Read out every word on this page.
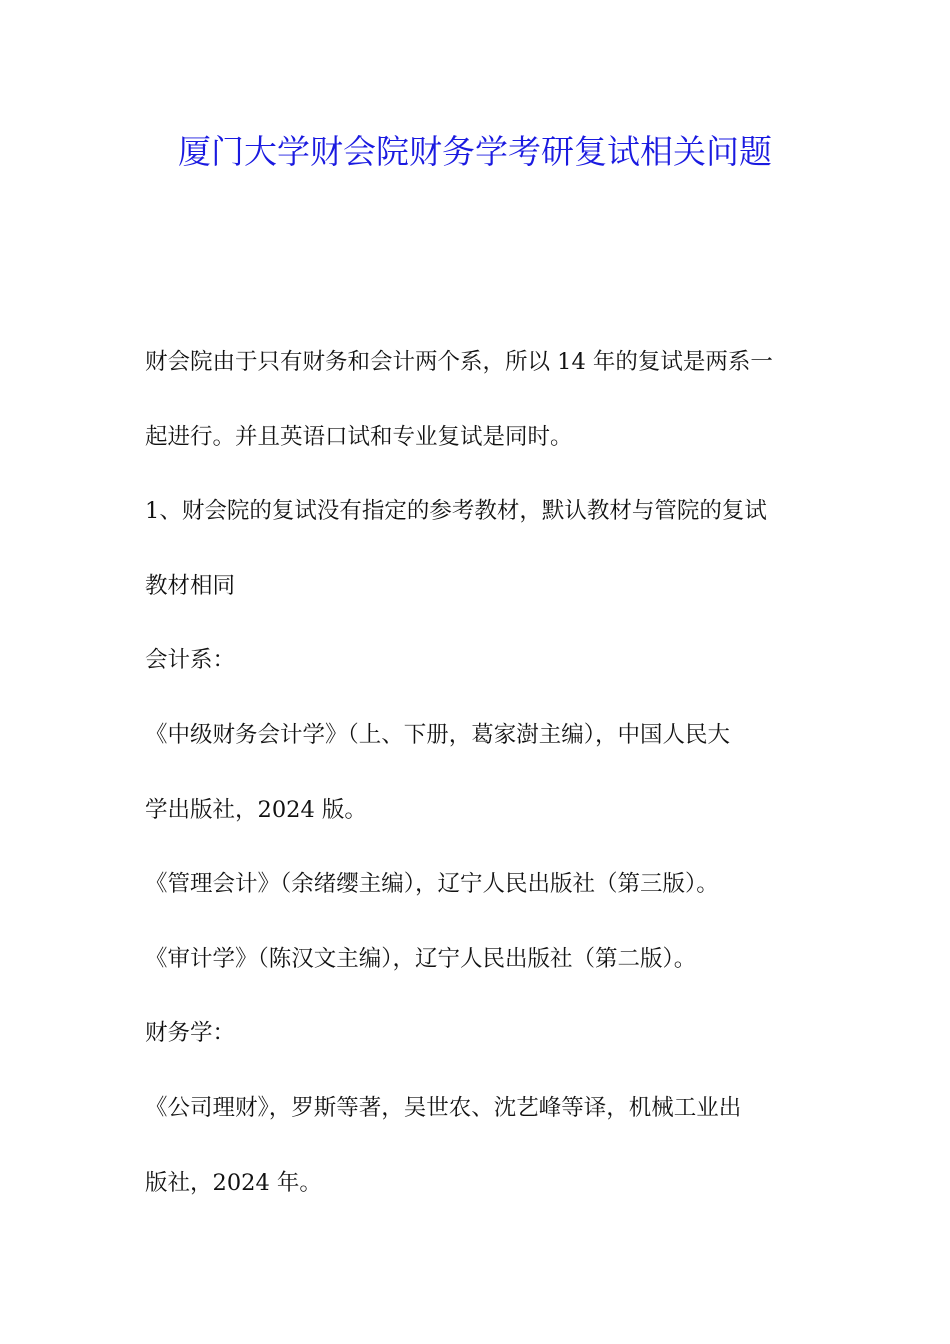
厦门大学财会院财务学考研复试相关问题
财会院由于只有财务和会计两个系，所以 14 年的复试是两系一
起进行。并且英语口试和专业复试是同时。
1、财会院的复试没有指定的参考教材，默认教材与管院的复试
教材相同
会计系：
《中级财务会计学》（上、下册，葛家澍主编），中国人民大
学出版社，2024 版。
《管理会计》（余绪缨主编），辽宁人民出版社（第三版）。
《审计学》（陈汉文主编），辽宁人民出版社（第二版）。
财务学：
《公司理财》，罗斯等著，吴世农、沈艺峰等译，机械工业出
版社，2024 年。
